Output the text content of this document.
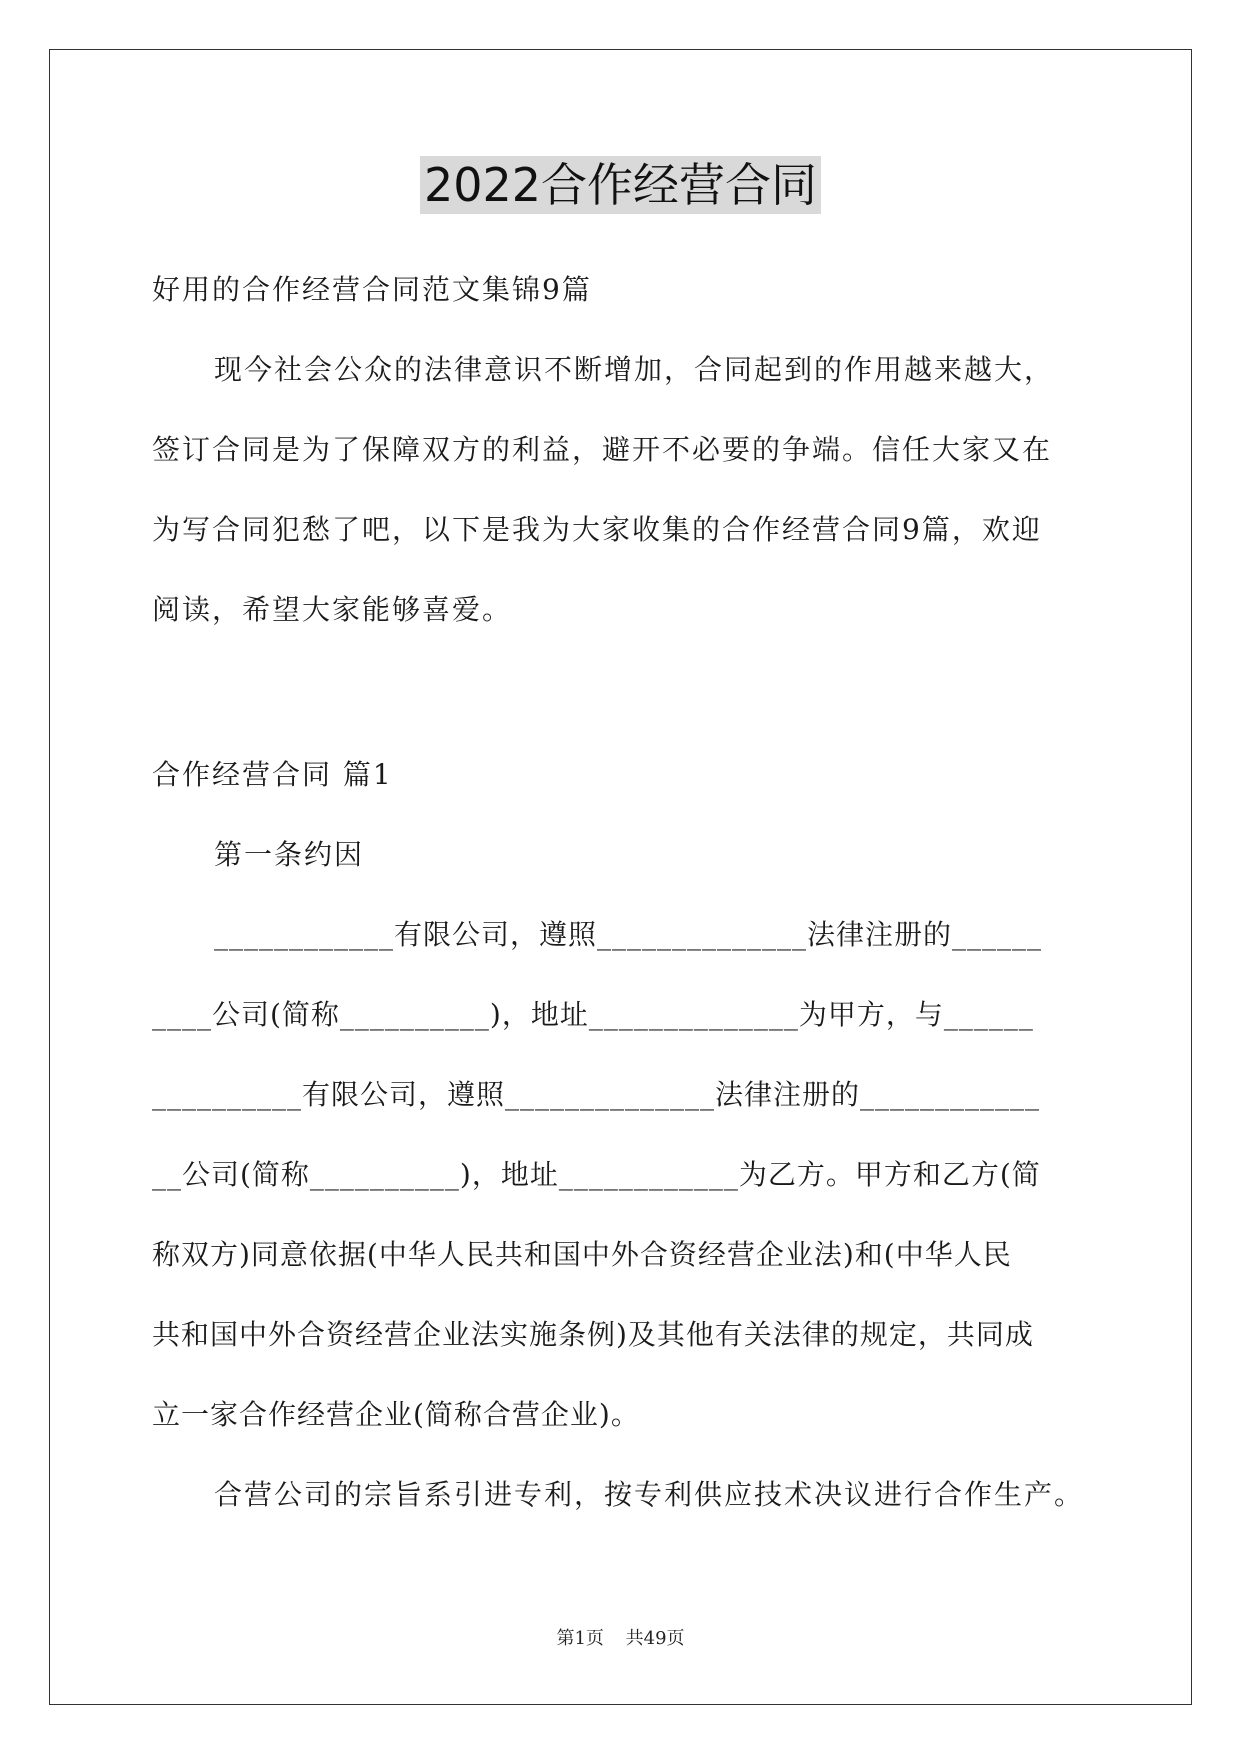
2022合作经营合同
好用的合作经营合同范文集锦9篇
现今社会公众的法律意识不断增加，合同起到的作用越来越大，
签订合同是为了保障双方的利益，避开不必要的争端。信任大家又在
为写合同犯愁了吧，以下是我为大家收集的合作经营合同9篇，欢迎
阅读，希望大家能够喜爱。
合作经营合同 篇1
第一条约因
____________有限公司，遵照______________法律注册的______
____公司(简称__________)，地址______________为甲方，与______
__________有限公司，遵照______________法律注册的____________
__公司(简称__________)，地址____________为乙方。甲方和乙方(简
称双方)同意依据(中华人民共和国中外合资经营企业法)和(中华人民
共和国中外合资经营企业法实施条例)及其他有关法律的规定，共同成
立一家合作经营企业(简称合营企业)。
合营公司的宗旨系引进专利，按专利供应技术决议进行合作生产。
第1页 共49页
